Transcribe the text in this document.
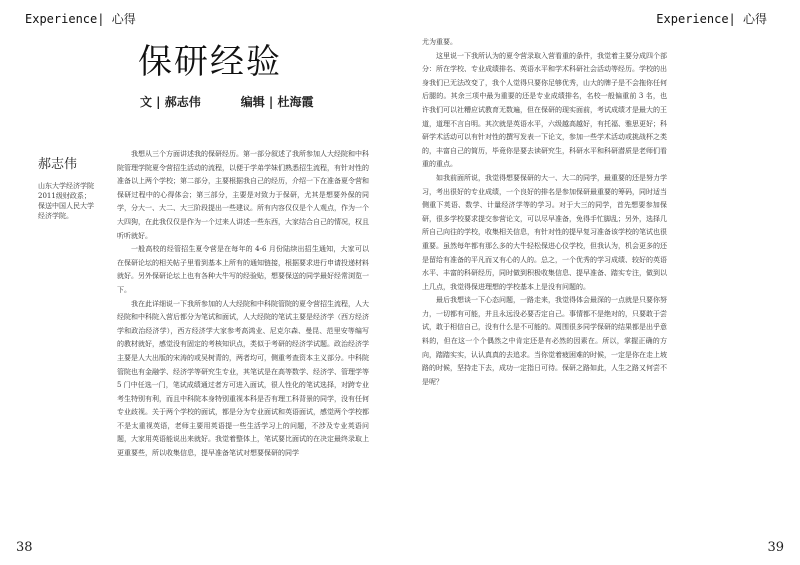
Experience| 心得	Experience| 心得
保研经验
文 | 郝志伟	编辑 | 杜海霞
郝志伟
山东大学经济学院2011级财政系；保送中国人民大学经济学院。

我想从三个方面讲述我的保研经历。第一部分叙述了我所参加人大经院和中科院管理学院夏令营招生活动的流程，以便于学弟学妹们熟悉招生流程，有针对性的准备以上两个学校；第二部分，主要根据我自己的经历，介绍一下在准备夏令营和保研过程中的心得体会；第三部分，主要是对致力于保研，尤其是想要外保的同学，分大一、大二、大三阶段提出一些建议。所有内容仅仅是个人观点，作为一个大四狗，在此我仅仅是作为一个过来人讲述一些东西，大家结合自己的情况，权且听听就好。

一般高校的经管招生夏令营是在每年的 4-6 月份陆续出招生通知，大家可以在保研论坛的相关帖子里看到基本上所有的通知链接，根据要求进行申请投递材料就好。另外保研论坛上也有各种大牛写的经验贴，想要保送的同学最好经常浏览一下。

我在此详细说一下我所参加的人大经院和中科院管院的夏令营招生流程，人大经院和中科院入营后都分为笔试和面试，人大经院的笔试主要是经济学（西方经济学和政治经济学），西方经济学大家参考高鸿业、尼克尔森、曼昆、范里安等编写的教材就好，感觉没有固定的考核知识点，类似于考研的经济学试题。政治经济学主要是人大出版的宋涛的或吴树青的，两者均可，侧重考查资本主义部分。中科院管院也有金融学、经济学等研究生专业，其笔试是在高等数学、经济学、管理学等 5 门中任选一门，笔试成绩通过者方可进入面试，很人性化的笔试选择，对跨专业考生特别有利，而且中科院本身特别重视本科是否有理工科背景的同学，没有任何专业歧视。关于两个学校的面试，都是分为专业面试和英语面试，感觉两个学校都不是太重视英语，老师主要用英语提一些生活学习上的问题，不涉及专业英语问题，大家用英语能说出来就好。我觉着整体上，笔试要比面试的在决定最终录取上更重要些，所以收集信息，提早准备笔试对想要保研的同学

尤为重要。

这里说一下我所认为的夏令营录取入营看重的条件，我觉着主要分成四个部分：所在学校、专业成绩排名、英语水平和学术科研社会活动等经历。学校的出身我们已无法改变了，我个人觉得只要你足够优秀，山大的牌子是不会拖你任何后腿的。其余三项中最为重要的还是专业成绩排名，名校一般偏重前 3 名，也许我们可以社糟应试教育无数遍，但在保研的现实面前，考试成绩才是最大的王道，道理不言自明。其次就是英语水平，六级越高越好，有托福、雅思更好；科研学术活动可以有针对性的撰写发表一下论文，参加一些学术活动或挑战杯之类的，丰富自己的简历，毕竟你是要去读研究生，科研水平和科研潜质是老师们看重的重点。

如我前面所说，我觉得想要保研的大一、大二的同学，最重要的还是努力学习，考出很好的专业成绩，一个良好的排名是参加保研最重要的筹码，同时适当侧重下英语、数学、计量经济学等的学习。对于大三的同学，首先想要参加保研，很多学校要求提交参营论文，可以尽早准备，免得手忙脚乱；另外，选择几所自己向往的学校，收集相关信息，有针对性的提早复习准备该学校的笔试也很重要。虽然每年都有那么多的大牛轻松保进心仪学校，但我认为，机会更多的还是留给有准备的平凡而又有心的人的。总之，一个优秀的学习成绩、较好的英语水平、丰富的科研经历，同时做到积极收集信息、提早准备、踏实专注，做到以上几点，我觉得保进理想的学校基本上是没有问题的。

最后我想谈一下心态问题，一路走来，我觉得体会最深的一点就是只要你努力，一切都有可能，并且永远没必要否定自己。事情都不是绝对的，只要敢于尝试，敢于相信自己，没有什么是不可能的。周围很多同学保研的结果都是出乎意料的，但在这一个个偶然之中肯定还是有必然的因素在。所以，掌握正确的方向，踏踏实实，认认真真的去追求。当你觉着疲困难的时候，一定是你在走上坡路的时候，坚持走下去，成功一定指日可待。保研之路如此，人生之路又何尝不是呢？

38	39
